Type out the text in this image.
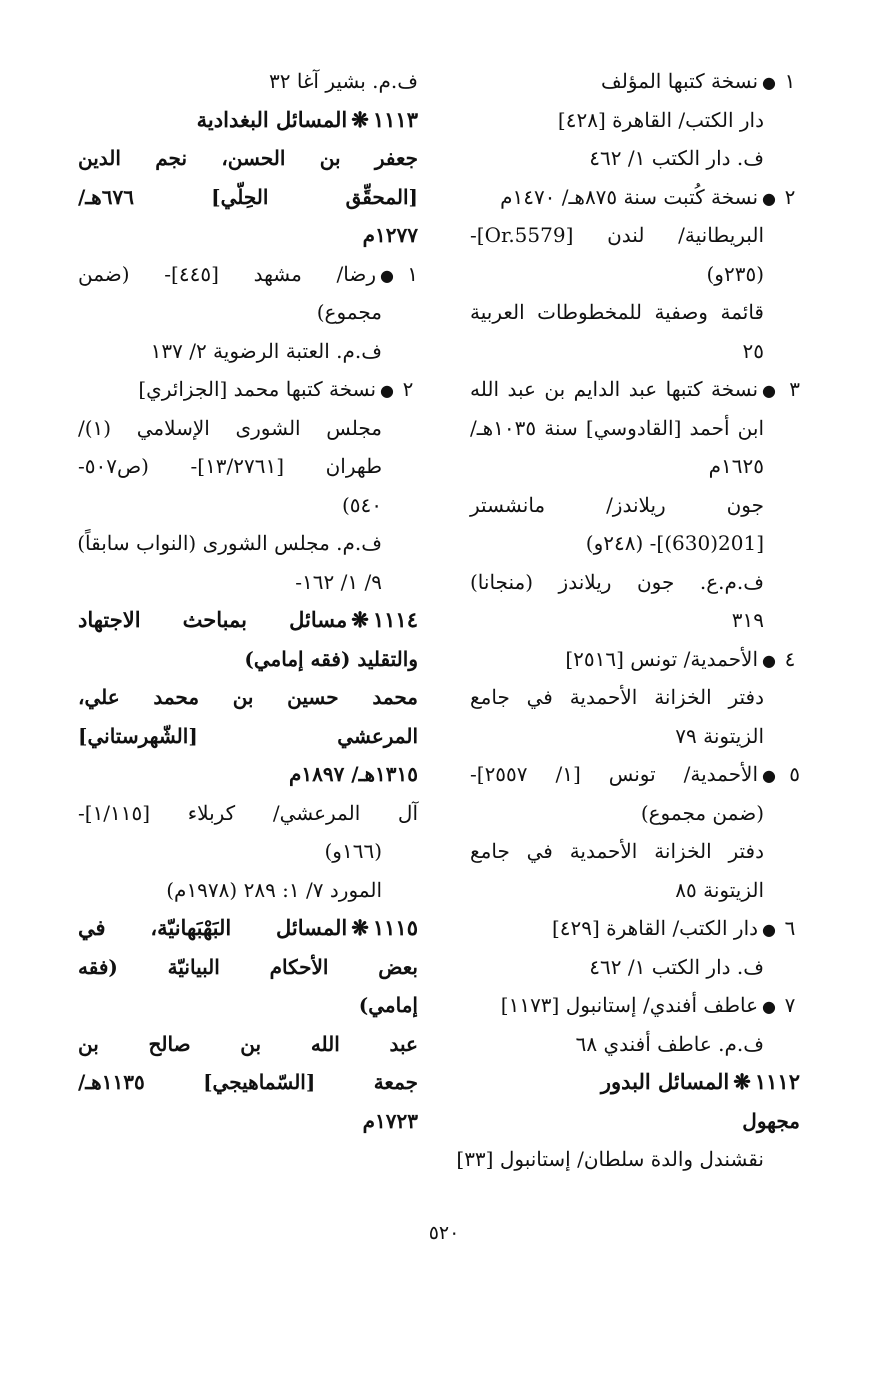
١●نسخة كتبها المؤلف
دار الكتب/ القاهرة [٤٢٨]
ف. دار الكتب ١/ ٤٦٢
٢●نسخة كُتبت سنة ٨٧٥هـ/ ١٤٧٠م
البريطانية/ لندن [Or.5579]-
(٢٣٥و)
قائمة وصفية للمخطوطات العربية
٢٥
٣●نسخة كتبها عبد الدايم بن عبد الله
ابن أحمد [القادوسي] سنة ١٠٣٥هـ/
١٦٢٥م
جون ريلاندز/ مانشستر
[201(630)]- (٢٤٨و)
ف.م.ع. جون ريلاندز (منجانا)
٣١٩
٤●الأحمدية/ تونس [٢٥١٦]
دفتر الخزانة الأحمدية في جامع
الزيتونة ٧٩
٥●الأحمدية/ تونس [١/ ٢٥٥٧]-
(ضمن مجموع)
دفتر الخزانة الأحمدية في جامع
الزيتونة ٨٥
٦●دار الكتب/ القاهرة [٤٢٩]
ف. دار الكتب ١/ ٤٦٢
٧●عاطف أفندي/ إستانبول [١١٧٣]
ف.م. عاطف أفندي ٦٨
١١١٢❋المسائل البدور
مجهول
نقشندل والدة سلطان/ إستانبول [٣٣]
ف.م. بشير آغا ٣٢
١١١٣❋المسائل البغدادية
جعفر بن الحسن، نجم الدين
[المحقِّق الحِلّي] ٦٧٦هـ/
١٢٧٧م
١●رضا/ مشهد [٤٤٥]- (ضمن
مجموع)
ف.م. العتبة الرضوية ٢/ ١٣٧
٢●نسخة كتبها محمد [الجزائري]
مجلس الشورى الإسلامي (١)/
طهران [١٣/٢٧٦١]- (ص٥٠٧-
٥٤٠)
ف.م. مجلس الشورى (النواب سابقاً)
٩/ ١/ ١٦٢-
١١١٤❋مسائل بمباحث الاجتهاد
والتقليد (فقه إمامي)
محمد حسين بن محمد علي،
المرعشي [الشّهرستاني]
١٣١٥هـ/ ١٨٩٧م
آل المرعشي/ كربلاء [١/١١٥]-
(١٦٦و)
المورد ٧/ ١: ٢٨٩ (١٩٧٨م)
١١١٥❋المسائل البَهْبَهانيّة، في
بعض الأحكام البيانيّة (فقه
إمامي)
عبد الله بن صالح بن
جمعة [السّماهيجي] ١١٣٥هـ/
١٧٢٣م
٥٢٠
